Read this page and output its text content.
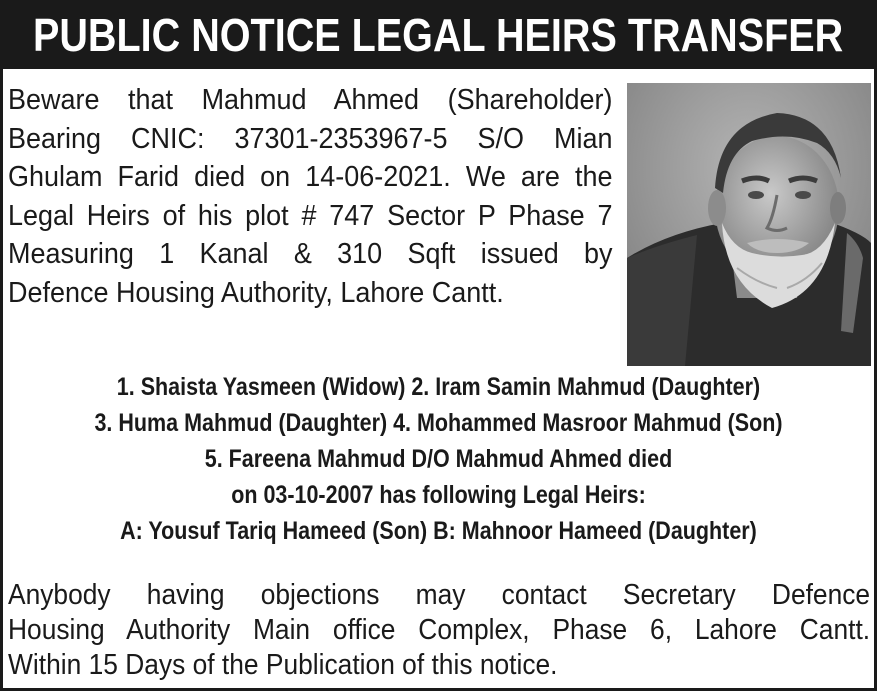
PUBLIC NOTICE LEGAL HEIRS TRANSFER
Beware that Mahmud Ahmed (Shareholder)
Bearing CNIC: 37301-2353967-5 S/O Mian
Ghulam Farid died on 14-06-2021. We are the
Legal Heirs of his plot # 747 Sector P Phase 7
Measuring 1 Kanal & 310 Sqft issued by
Defence Housing Authority, Lahore Cantt.
1. Shaista Yasmeen (Widow) 2. Iram Samin Mahmud (Daughter)
3. Huma Mahmud (Daughter) 4. Mohammed Masroor Mahmud (Son)
5. Fareena Mahmud D/O Mahmud Ahmed died
on 03-10-2007 has following Legal Heirs:
A: Yousuf Tariq Hameed (Son) B: Mahnoor Hameed (Daughter)
Anybody having objections may contact Secretary Defence
Housing Authority Main office Complex, Phase 6, Lahore Cantt.
Within 15 Days of the Publication of this notice.
